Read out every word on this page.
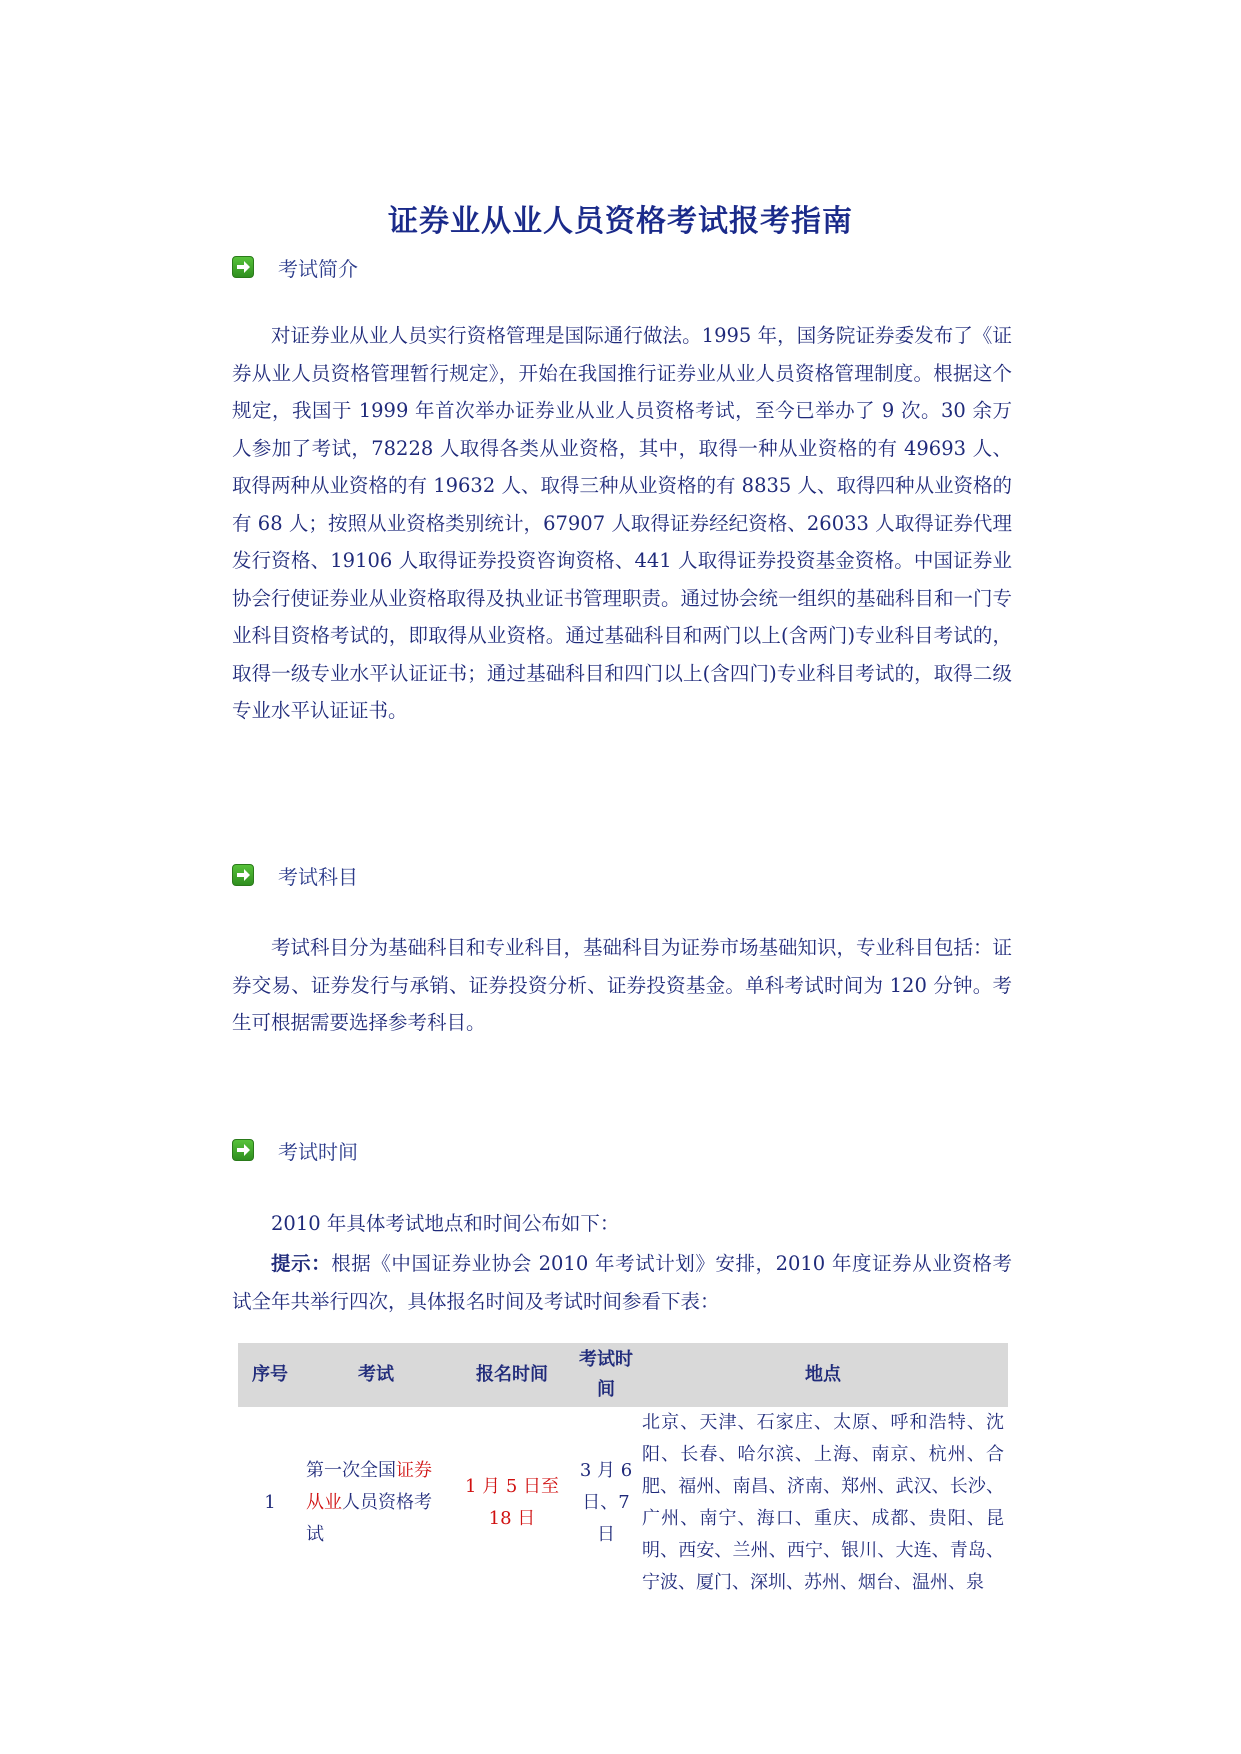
证券业从业人员资格考试报考指南
考试简介

对证券业从业人员实行资格管理是国际通行做法。1995 年，国务院证券委发布了《证券从业人员资格管理暂行规定》，开始在我国推行证券业从业人员资格管理制度。根据这个规定，我国于 1999 年首次举办证券业从业人员资格考试，至今已举办了 9 次。30 余万人参加了考试，78228 人取得各类从业资格，其中，取得一种从业资格的有 49693 人、取得两种从业资格的有 19632 人、取得三种从业资格的有 8835 人、取得四种从业资格的有 68 人；按照从业资格类别统计，67907 人取得证券经纪资格、26033 人取得证券代理发行资格、19106 人取得证券投资咨询资格、441 人取得证券投资基金资格。中国证券业协会行使证券业从业资格取得及执业证书管理职责。通过协会统一组织的基础科目和一门专业科目资格考试的，即取得从业资格。通过基础科目和两门以上(含两门)专业科目考试的，取得一级专业水平认证证书；通过基础科目和四门以上(含四门)专业科目考试的，取得二级专业水平认证证书。

考试科目

考试科目分为基础科目和专业科目，基础科目为证券市场基础知识，专业科目包括：证券交易、证券发行与承销、证券投资分析、证券投资基金。单科考试时间为 120 分钟。考生可根据需要选择参考科目。

考试时间

2010 年具体考试地点和时间公布如下：

提示：根据《中国证券业协会 2010 年考试计划》安排，2010 年度证券从业资格考试全年共举行四次，具体报名时间及考试时间参看下表：

序号	考试	报名时间	考试时间	地点
1	第一次全国证券从业人员资格考试	1 月 5 日至 18 日	3 月 6 日、7 日	北京、天津、石家庄、太原、呼和浩特、沈阳、长春、哈尔滨、上海、南京、杭州、合肥、福州、南昌、济南、郑州、武汉、长沙、广州、南宁、海口、重庆、成都、贵阳、昆明、西安、兰州、西宁、银川、大连、青岛、宁波、厦门、深圳、苏州、烟台、温州、泉
